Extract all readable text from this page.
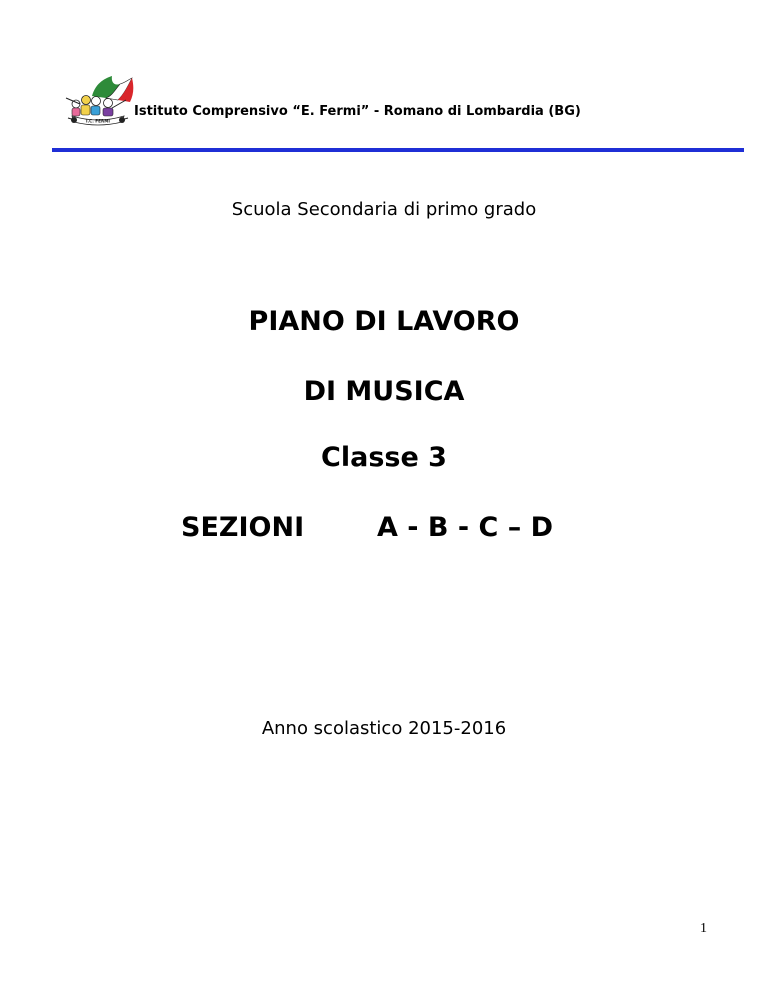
I.C. FERMI
Istituto Comprensivo “E. Fermi” - Romano di Lombardia (BG)
Scuola Secondaria di primo grado
PIANO DI LAVORO
DI MUSICA
Classe 3
SEZIONI	A - B - C – D
Anno scolastico 2015-2016
1
